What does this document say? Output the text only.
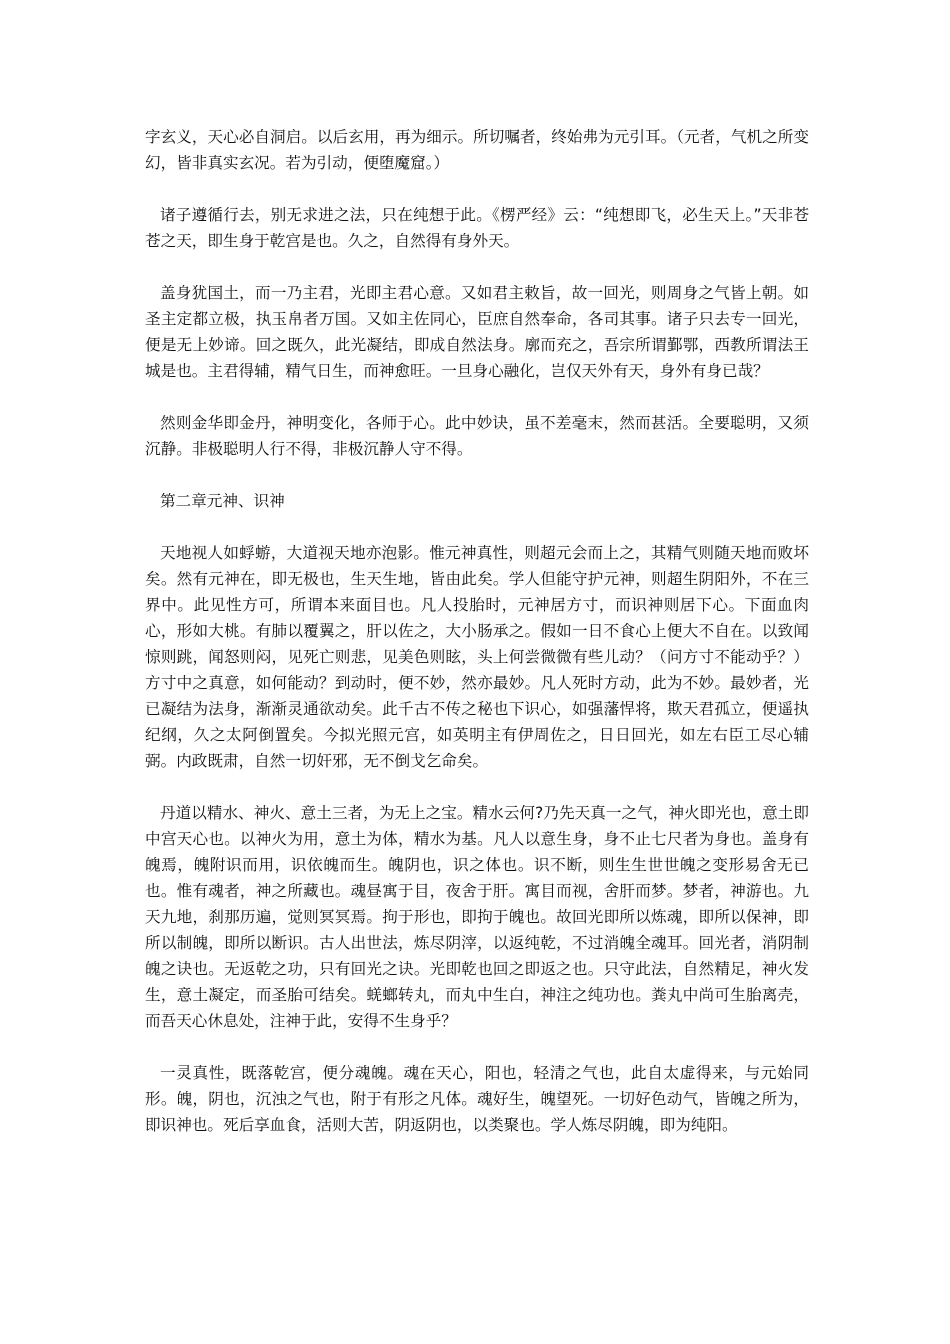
字玄义，天心必自洞启。以后玄用，再为细示。所切嘱者，终始弗为元引耳。（元者，气机之所变幻，皆非真实玄况。若为引动，便堕魔窟。）

诸子遵循行去，别无求进之法，只在纯想于此。《楞严经》云：“纯想即飞，必生天上。”天非苍苍之天，即生身于乾宫是也。久之，自然得有身外天。

盖身犹国土，而一乃主君，光即主君心意。又如君主敕旨，故一回光，则周身之气皆上朝。如圣主定都立极，执玉帛者万国。又如主佐同心，臣庶自然奉命，各司其事。诸子只去专一回光，便是无上妙谛。回之既久，此光凝结，即成自然法身。廓而充之，吾宗所谓鄞鄂，西教所谓法王城是也。主君得辅，精气日生，而神愈旺。一旦身心融化，岂仅天外有天，身外有身已哉？

然则金华即金丹，神明变化，各师于心。此中妙诀，虽不差毫末，然而甚活。全要聪明，又须沉静。非极聪明人行不得，非极沉静人守不得。

第二章元神、识神

天地视人如蜉蝣，大道视天地亦泡影。惟元神真性，则超元会而上之，其精气则随天地而败坏矣。然有元神在，即无极也，生天生地，皆由此矣。学人但能守护元神，则超生阴阳外，不在三界中。此见性方可，所谓本来面目也。凡人投胎时，元神居方寸，而识神则居下心。下面血肉心，形如大桃。有肺以覆翼之，肝以佐之，大小肠承之。假如一日不食心上便大不自在。以致闻惊则跳，闻怒则闷，见死亡则悲，见美色则眩，头上何尝微微有些儿动？（问方寸不能动乎？）方寸中之真意，如何能动？到动时，便不妙，然亦最妙。凡人死时方动，此为不妙。最妙者，光已凝结为法身，渐渐灵通欲动矣。此千古不传之秘也下识心，如强藩悍将，欺天君孤立，便遥执纪纲，久之太阿倒置矣。今拟光照元宫，如英明主有伊周佐之，日日回光，如左右臣工尽心辅弼。内政既肃，自然一切奸邪，无不倒戈乞命矣。

丹道以精水、神火、意土三者，为无上之宝。精水云何?乃先天真一之气，神火即光也，意土即中宫天心也。以神火为用，意土为体，精水为基。凡人以意生身，身不止七尺者为身也。盖身有魄焉，魄附识而用，识依魄而生。魄阴也，识之体也。识不断，则生生世世魄之变形易舍无已也。惟有魂者，神之所藏也。魂昼寓于目，夜舍于肝。寓目而视，舍肝而梦。梦者，神游也。九天九地，刹那历遍，觉则冥冥焉。拘于形也，即拘于魄也。故回光即所以炼魂，即所以保神，即所以制魄，即所以断识。古人出世法，炼尽阴滓，以返纯乾，不过消魄全魂耳。回光者，消阴制魄之诀也。无返乾之功，只有回光之诀。光即乾也回之即返之也。只守此法，自然精足，神火发生，意土凝定，而圣胎可结矣。蜣螂转丸，而丸中生白，神注之纯功也。粪丸中尚可生胎离壳，而吾天心休息处，注神于此，安得不生身乎？

一灵真性，既落乾宫，便分魂魄。魂在天心，阳也，轻清之气也，此自太虚得来，与元始同形。魄，阴也，沉浊之气也，附于有形之凡体。魂好生，魄望死。一切好色动气，皆魄之所为，即识神也。死后享血食，活则大苦，阴返阴也，以类聚也。学人炼尽阴魄，即为纯阳。
